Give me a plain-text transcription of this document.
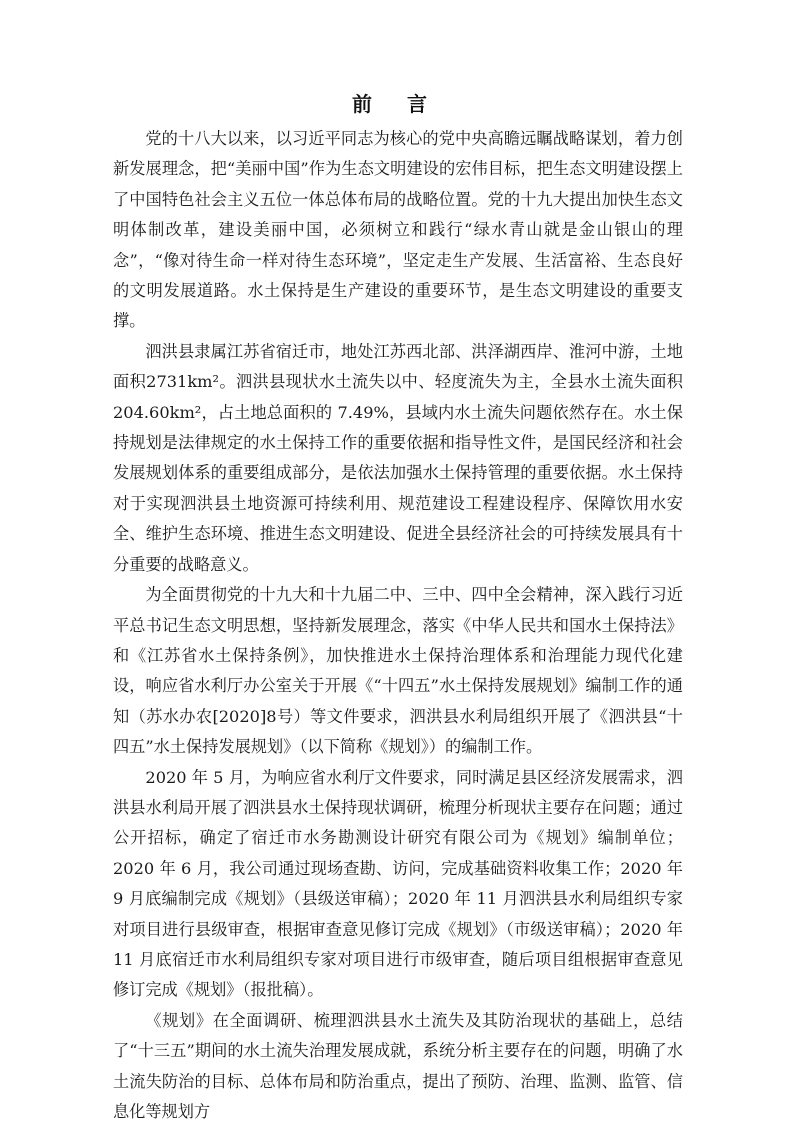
前 言

党的十八大以来，以习近平同志为核心的党中央高瞻远瞩战略谋划，着力创新发展理念，把“美丽中国”作为生态文明建设的宏伟目标，把生态文明建设摆上了中国特色社会主义五位一体总体布局的战略位置。党的十九大提出加快生态文明体制改革，建设美丽中国，必须树立和践行“绿水青山就是金山银山的理念”，“像对待生命一样对待生态环境”，坚定走生产发展、生活富裕、生态良好的文明发展道路。水土保持是生产建设的重要环节，是生态文明建设的重要支撑。

泗洪县隶属江苏省宿迁市，地处江苏西北部、洪泽湖西岸、淮河中游，土地面积2731km²。泗洪县现状水土流失以中、轻度流失为主，全县水土流失面积 204.60km²，占土地总面积的 7.49%，县域内水土流失问题依然存在。水土保持规划是法律规定的水土保持工作的重要依据和指导性文件，是国民经济和社会发展规划体系的重要组成部分，是依法加强水土保持管理的重要依据。水土保持对于实现泗洪县土地资源可持续利用、规范建设工程建设程序、保障饮用水安全、维护生态环境、推进生态文明建设、促进全县经济社会的可持续发展具有十分重要的战略意义。

为全面贯彻党的十九大和十九届二中、三中、四中全会精神，深入践行习近平总书记生态文明思想，坚持新发展理念，落实《中华人民共和国水土保持法》和《江苏省水土保持条例》，加快推进水土保持治理体系和治理能力现代化建设，响应省水利厅办公室关于开展《“十四五”水土保持发展规划》编制工作的通知（苏水办农[2020]8号）等文件要求，泗洪县水利局组织开展了《泗洪县“十四五”水土保持发展规划》（以下简称《规划》）的编制工作。

2020 年 5 月，为响应省水利厅文件要求，同时满足县区经济发展需求，泗洪县水利局开展了泗洪县水土保持现状调研，梳理分析现状主要存在问题；通过公开招标，确定了宿迁市水务勘测设计研究有限公司为《规划》编制单位；2020 年 6 月，我公司通过现场查勘、访问，完成基础资料收集工作；2020 年 9 月底编制完成《规划》（县级送审稿）；2020 年 11 月泗洪县水利局组织专家对项目进行县级审查，根据审查意见修订完成《规划》（市级送审稿）；2020 年 11 月底宿迁市水利局组织专家对项目进行市级审查，随后项目组根据审查意见修订完成《规划》（报批稿）。

《规划》在全面调研、梳理泗洪县水土流失及其防治现状的基础上，总结了“十三五”期间的水土流失治理发展成就，系统分析主要存在的问题，明确了水土流失防治的目标、总体布局和防治重点，提出了预防、治理、监测、监管、信息化等规划方
